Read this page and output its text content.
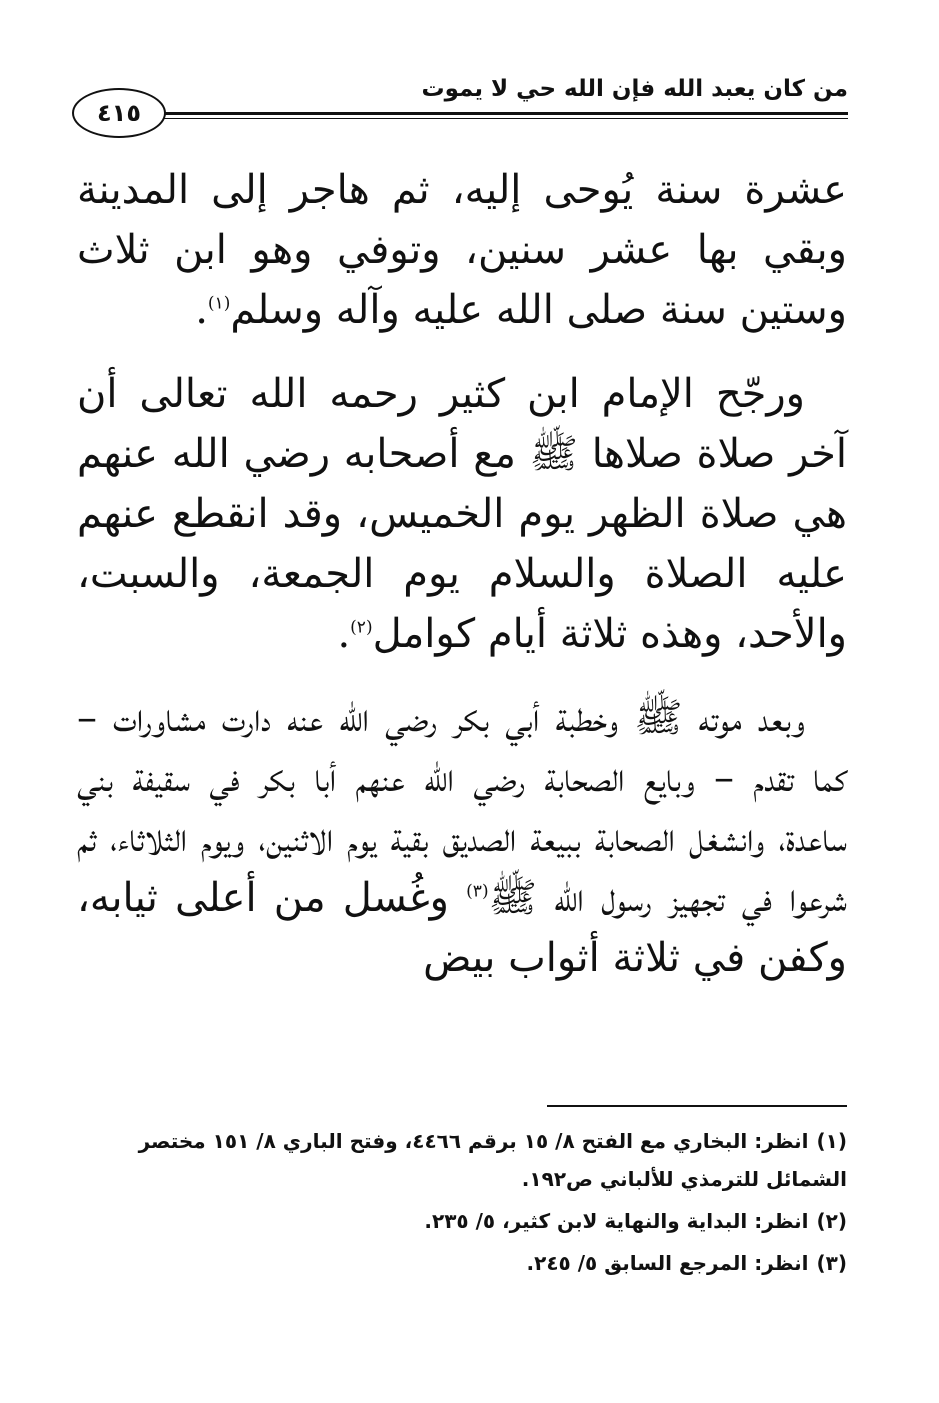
من كان يعبد الله فإن الله حي لا يموت
٤١٥

عشرة سنة يُوحى إليه، ثم هاجر إلى المدينة وبقي بها عشر سنين، وتوفي وهو ابن ثلاث وستين سنة صلى الله عليه وآله وسلم$^{(١)}$.

ورجّح الإمام ابن كثير رحمه الله تعالى أن آخر صلاة صلاها ﷺ مع أصحابه رضي الله عنهم هي صلاة الظهر يوم الخميس، وقد انقطع عنهم عليه الصلاة والسلام يوم الجمعة، والسبت، والأحد، وهذه ثلاثة أيام كوامل$^{(٢)}$.

وبعد موته ﷺ وخطبة أبي بكر رضي الله عنه دارت مشاورات – كما تقدم – وبايع الصحابة رضي الله عنهم أبا بكر في سقيفة بني ساعدة، وانشغل الصحابة ببيعة الصديق بقية يوم الاثنين، ويوم الثلاثاء، ثم شرعوا في تجهيز رسول الله ﷺ$^{(٣)}$ وغُسل من أعلى ثيابه، وكفن في ثلاثة أثواب بيض

(١)انظر: البخاري مع الفتح ٨/ ١٥ برقم ٤٤٦٦، وفتح الباري ٨/ ١٥١ مختصر الشمائل للترمذي للألباني ص١٩٢.
(٢)انظر: البداية والنهاية لابن كثير، ٥/ ٢٣٥.
(٣)انظر: المرجع السابق ٥/ ٢٤٥.
